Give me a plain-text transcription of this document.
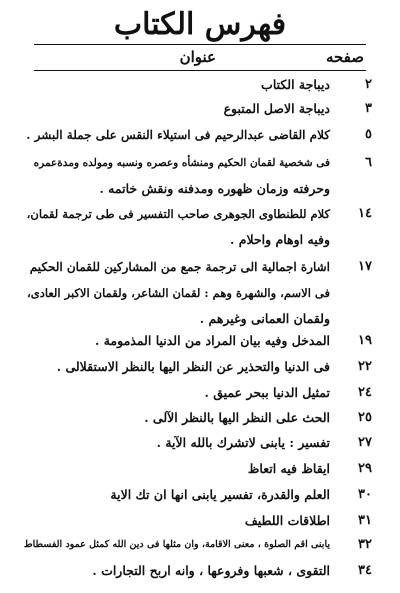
فهرس الكتاب
صفحه
عنوان
٢
ديباجة الكتاب
٣
ديباجة الاصل المتبوع
٥
كلام القاضى عبدالرحيم فى استيلاء النقس على جملة البشر .
٦
فى شخصية لقمان الحكيم ومنشأه وعصره ونسبه ومولده ومدةعمره
وحرفته وزمان ظهوره ومدفنه ونقش خاتمه .
١٤
كلام للطنطاوى الجوهرى صاحب التفسير فى طى ترجمة لقمان،
وفيه اوهام واحلام .
١٧
اشارة اجمالية الى ترجمة جمع من المشاركين للقمان الحكيم
فى الاسم، والشهرة وهم : لقمان الشاعر، ولقمان الاكبر العادى،
ولقمان العمانى وغيرهم .
١٩
المدخل وفيه بيان المراد من الدنيا المذمومة .
٢٢
فى الدنيا والتحذير عن النظر اليها بالنظر الاستقلالى .
٢٤
تمثيل الدنيا ببحر عميق .
٢٥
الحث على النظر اليها بالنظر الآلى .
٢٧
تفسير : يابنى لاتشرك بالله الآية .
٢٩
ايقاظ فيه اتعاظ
٣٠
العلم والقدرة، تفسير يابنى انها ان تك الاية
٣١
اطلاقات اللطيف
٣٢
يابنى اقم الصلوة ، معنى الاقامة، وان مثلها فى دين الله كمثل عمود الفسطاط
٣٤
التقوى ، شعبها وفروعها ، وانه اربح التجارات .
